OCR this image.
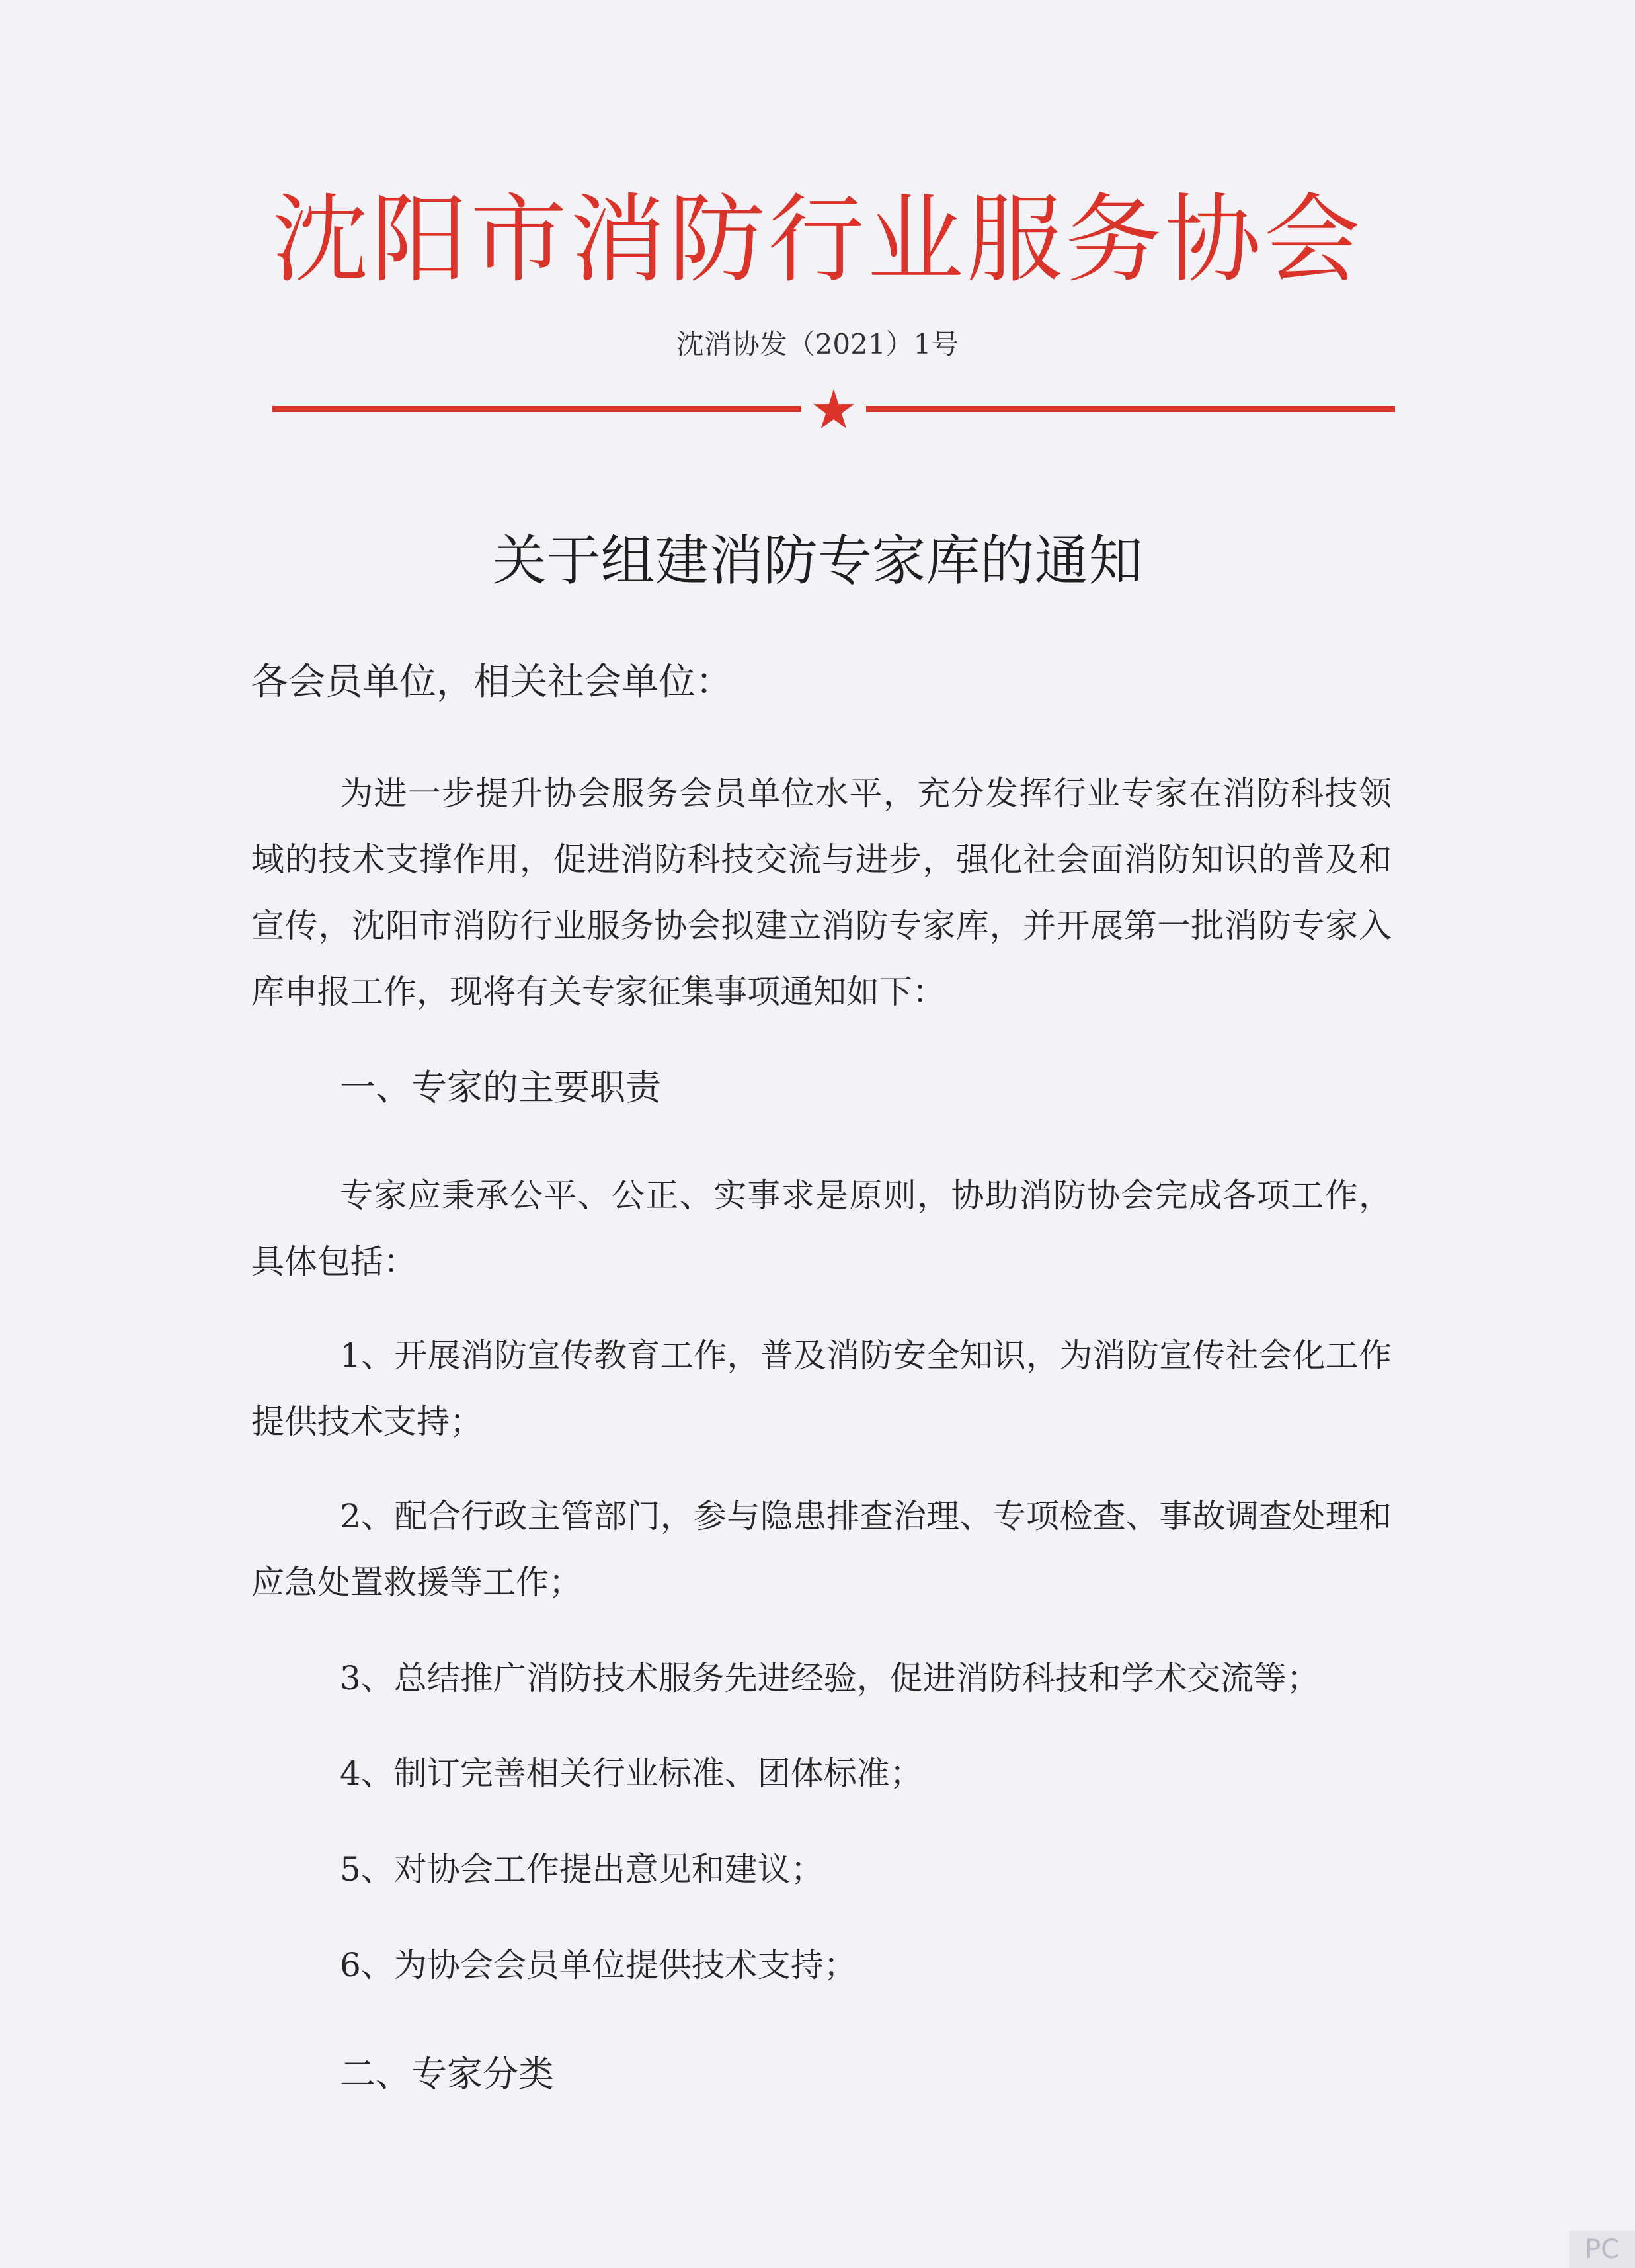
沈阳市消防行业服务协会
沈消协发（2021）1号
关于组建消防专家库的通知
各会员单位，相关社会单位：
为进一步提升协会服务会员单位水平，充分发挥行业专家在消防科技领域的技术支撑作用，促进消防科技交流与进步，强化社会面消防知识的普及和宣传，沈阳市消防行业服务协会拟建立消防专家库，并开展第一批消防专家入库申报工作，现将有关专家征集事项通知如下：
一、专家的主要职责
专家应秉承公平、公正、实事求是原则，协助消防协会完成各项工作，具体包括：
1、开展消防宣传教育工作，普及消防安全知识，为消防宣传社会化工作提供技术支持；
2、配合行政主管部门，参与隐患排查治理、专项检查、事故调查处理和应急处置救援等工作；
3、总结推广消防技术服务先进经验，促进消防科技和学术交流等；
4、制订完善相关行业标准、团体标准；
5、对协会工作提出意见和建议；
6、为协会会员单位提供技术支持；
二、专家分类
PC
